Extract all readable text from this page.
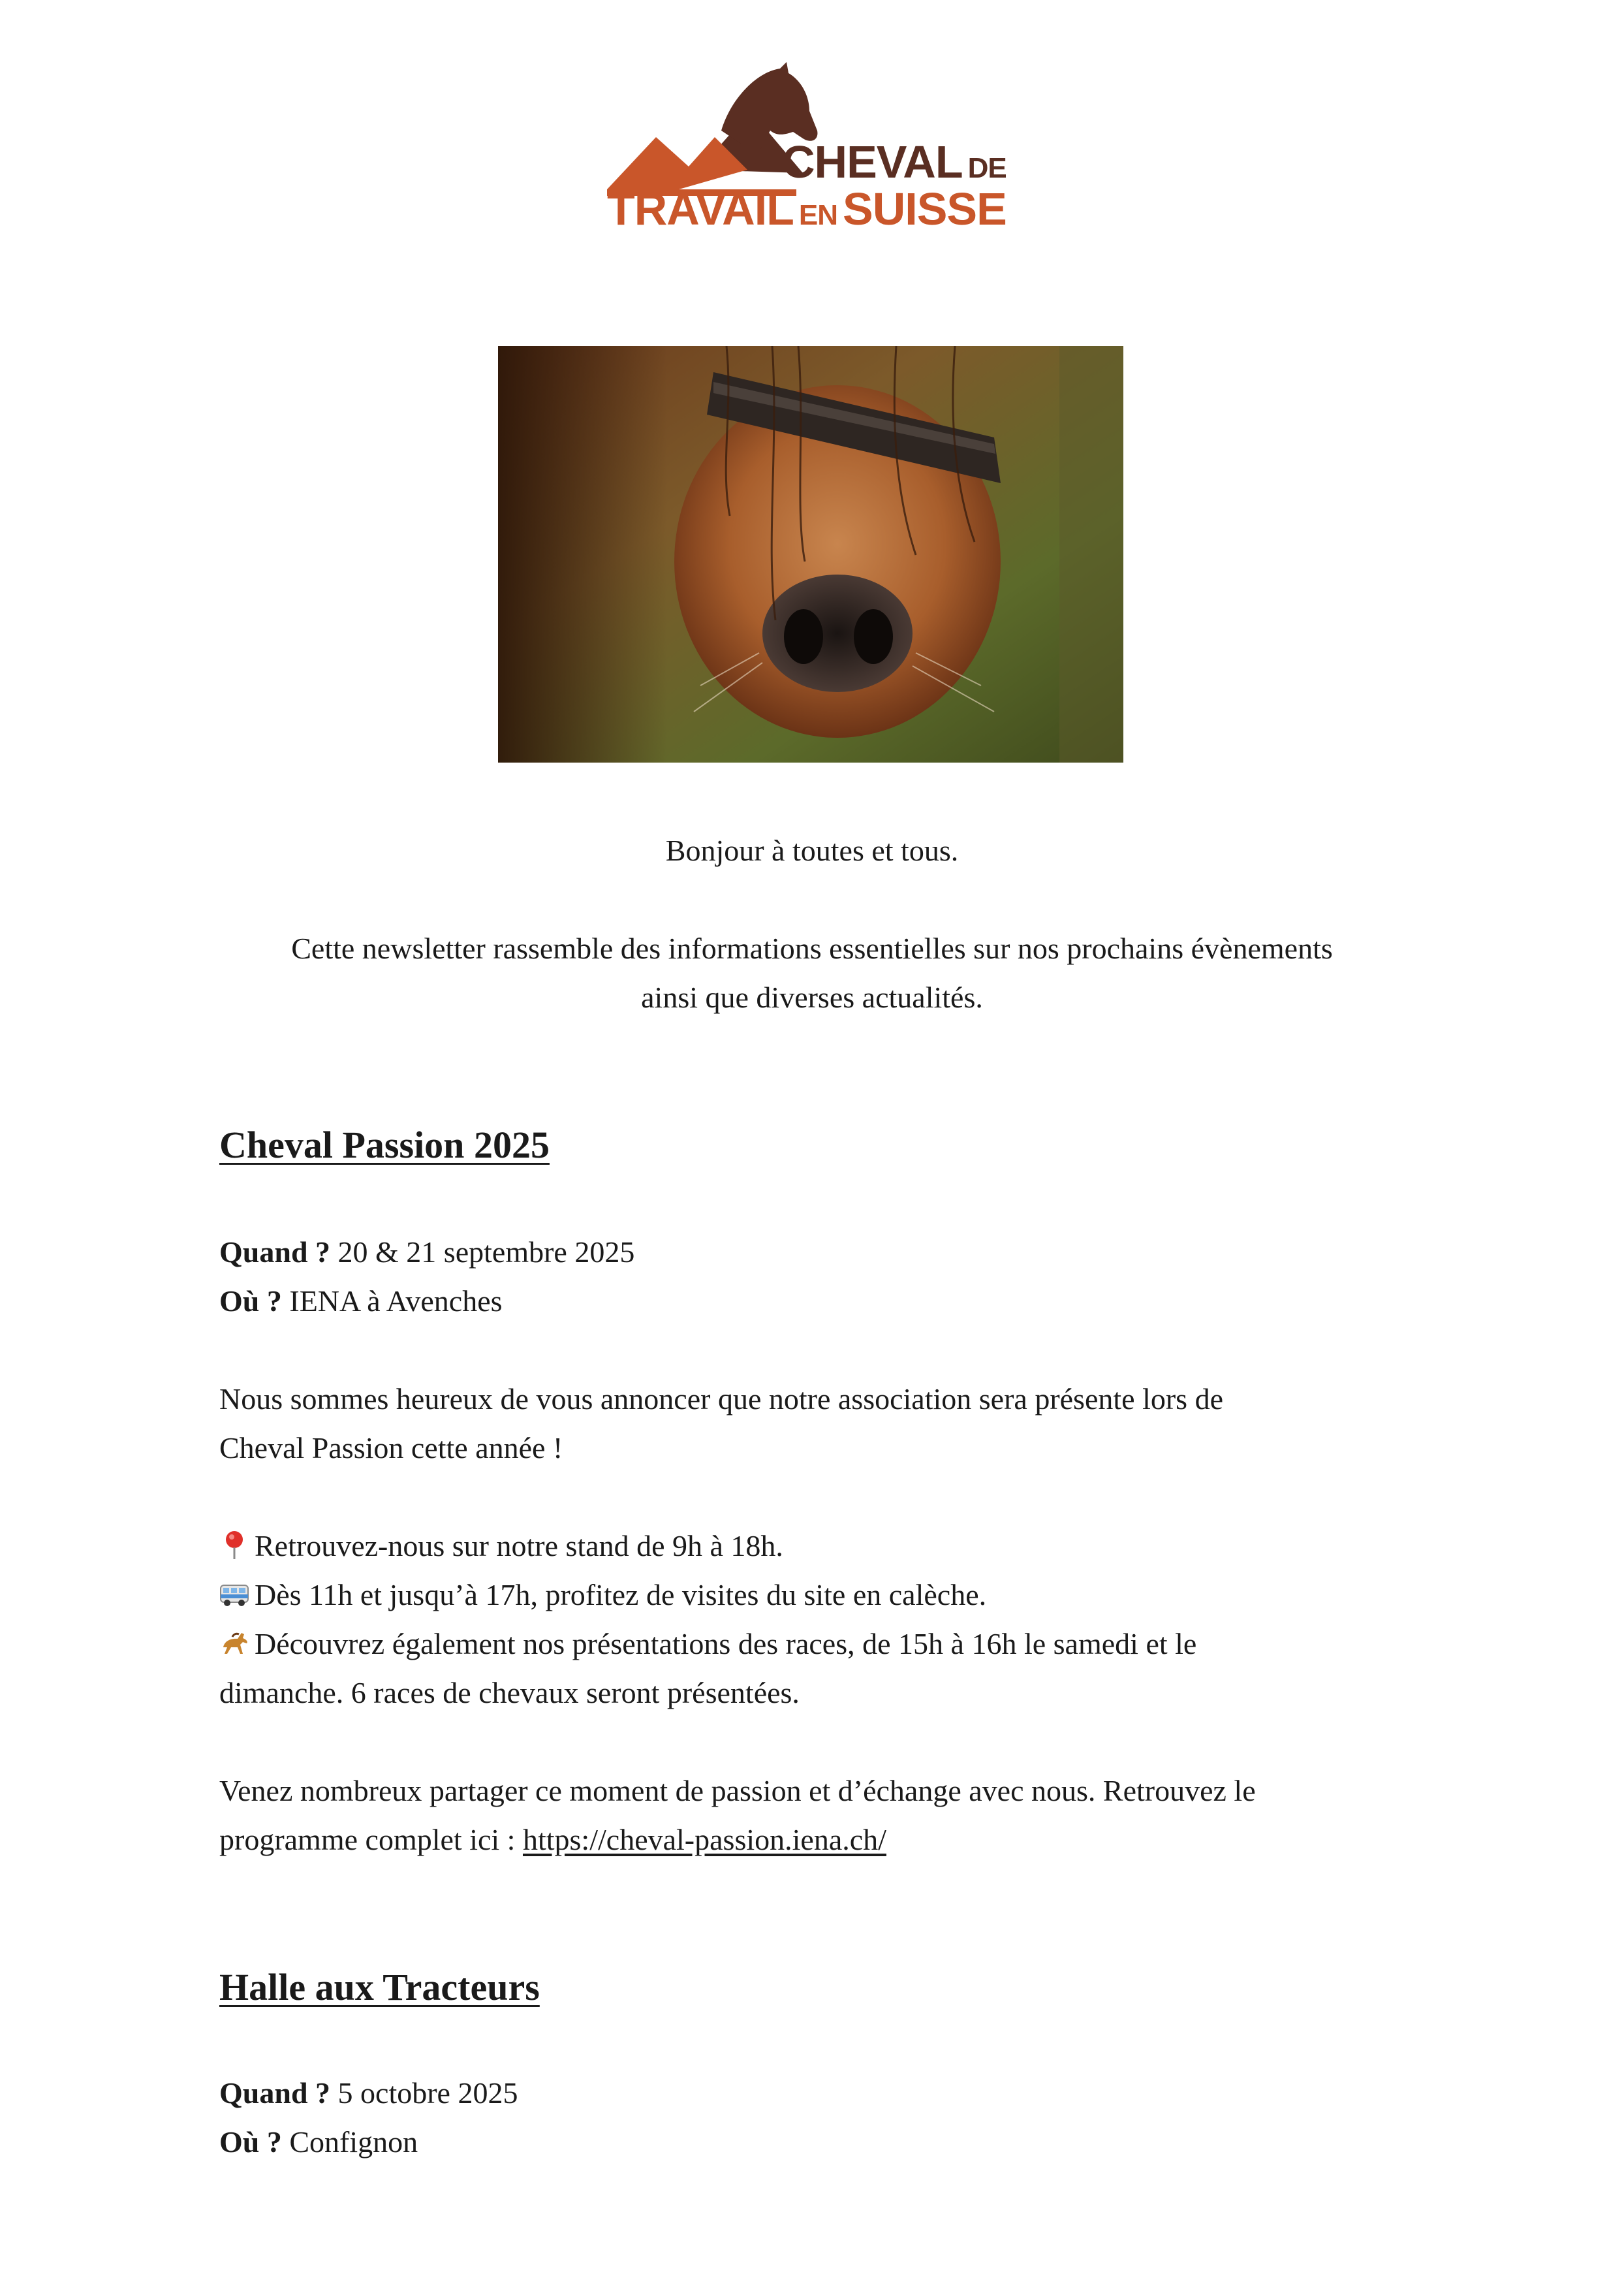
CHEVAL DE
TRAVAIL EN SUISSE
Bonjour à toutes et tous.
Cette newsletter rassemble des informations essentielles sur nos prochains évènements
ainsi que diverses actualités.
Cheval Passion 2025
Quand ? 20 & 21 septembre 2025
Où ? IENA à Avenches
Nous sommes heureux de vous annoncer que notre association sera présente lors de
Cheval Passion cette année !
Retrouvez-nous sur notre stand de 9h à 18h.
Dès 11h et jusqu’à 17h, profitez de visites du site en calèche.
Découvrez également nos présentations des races, de 15h à 16h le samedi et le
dimanche. 6 races de chevaux seront présentées.
Venez nombreux partager ce moment de passion et d’échange avec nous. Retrouvez le
programme complet ici : https://cheval-passion.iena.ch/
Halle aux Tracteurs
Quand ? 5 octobre 2025
Où ? Confignon
